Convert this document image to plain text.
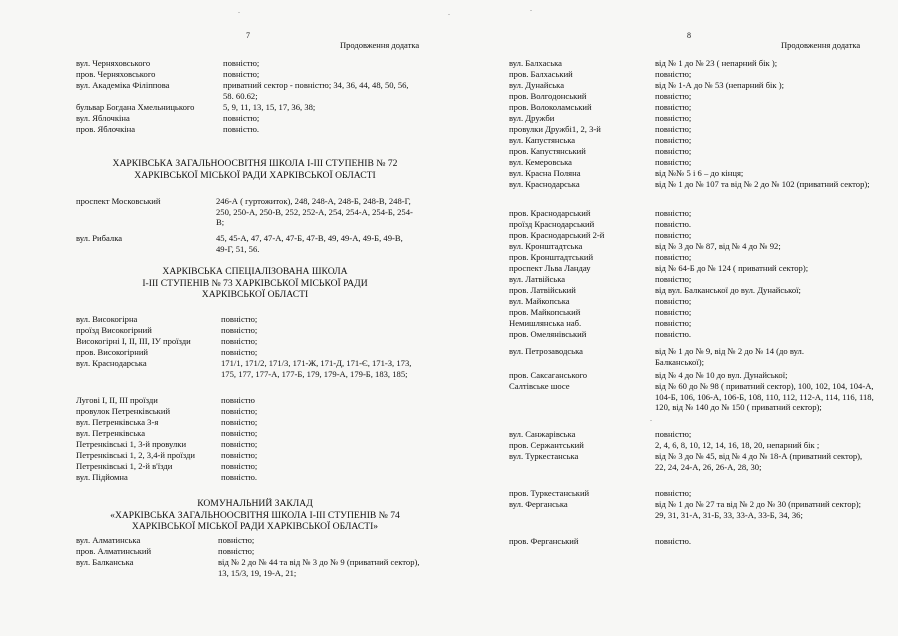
7
Продовження додатка
вул. Черняховського	повністю;
пров. Черняховського	повністю;
вул. Академіка Філіппова	приватний сектор - повністю; 34, 36, 44, 48, 50, 56, 58. 60.62;
бульвар Богдана Хмельницького	5, 9, 11, 13, 15, 17, 36, 38;
вул. Яблочкіна	повністю;
пров. Яблочкіна	повністю.
ХАРКІВСЬКА ЗАГАЛЬНООСВІТНЯ ШКОЛА І-ІІІ СТУПЕНІВ № 72
ХАРКІВСЬКОЇ МІСЬКОЇ РАДИ ХАРКІВСЬКОЇ ОБЛАСТІ
проспект Московський	246-А ( гуртожиток), 248, 248-А, 248-Б, 248-В, 248-Г, 250, 250-А, 250-В, 252, 252-А, 254, 254-А, 254-Б, 254-В;
вул. Рибалка	45, 45-А, 47, 47-А, 47-Б, 47-В, 49, 49-А, 49-Б, 49-В, 49-Г, 51, 56.
ХАРКІВСЬКА СПЕЦІАЛІЗОВАНА ШКОЛА
І-ІІІ СТУПЕНІВ № 73 ХАРКІВСЬКОЇ МІСЬКОЇ РАДИ
ХАРКІВСЬКОЇ ОБЛАСТІ
вул. Високогірна	повністю;
проїзд Високогірний	повністю;
Високогірні І, ІІ, ІІІ, ІУ проїзди	повністю;
пров. Високогірний	повністю;
вул. Краснодарська	171/1, 171/2, 171/3, 171-Ж, 171-Д, 171-Є, 171-З, 173, 175, 177, 177-А, 177-Б, 179, 179-А, 179-Б, 183, 185;
Лугові І, ІІ, ІІІ проїзди	повністю
провулок Петренківський	повністю;
вул. Петренківська 3-я	повністю;
вул. Петренківська	повністю;
Петренківські 1, 3-й провулки	повністю;
Петренківські 1, 2, 3,4-й проїзди	повністю;
Петренківські 1, 2-й в'їзди	повністю;
вул. Підйомна	повністю.
КОМУНАЛЬНИЙ ЗАКЛАД
«ХАРКІВСЬКА ЗАГАЛЬНООСВІТНЯ ШКОЛА І-ІІІ СТУПЕНІВ № 74
ХАРКІВСЬКОЇ МІСЬКОЇ РАДИ ХАРКІВСЬКОЇ ОБЛАСТІ»
вул. Алматинська	повністю;
пров. Алматинський	повністю;
вул. Балканська	від № 2 до № 44 та від № 3 до № 9 (приватний сектор), 13, 15/3, 19, 19-А, 21;
8
Продовження додатка
вул. Балхаська	від № 1 до № 23 ( непарний бік );
пров. Балхаський	повністю;
вул. Дунайська	від № 1-А до № 53 (непарний бік );
пров. Волгодонський	повністю;
пров. Волоколамський	повністю;
вул. Дружби	повністю;
провулки Дружбі1, 2, 3-й	повністю;
вул. Капустянська	повністю;
пров. Капустянський	повністю;
вул. Кемеровська	повністю;
вул. Красна Поляна	від №№ 5 і 6 – до кінця;
вул. Краснодарська	від № 1 до № 107 та від № 2 до № 102 (приватний сектор);
пров. Краснодарський	повністю;
проїзд Краснодарський	повністю.
пров. Краснодарський 2-й	повністю;
вул. Кронштадтська	від № 3 до № 87, від № 4 до № 92;
пров. Кронштадтський	повністю;
проспект Льва Ландау	від № 64-Б до № 124 ( приватний сектор);
вул. Латвійська	повністю;
пров. Латвійський	від вул. Балканської до вул. Дунайської;
вул. Майкопська	повністю;
пров. Майкопський	повністю;
Немишлянська наб.	повністю;
пров. Омелянівський	повністю.
вул. Петрозаводська	від № 1 до № 9, від № 2 до № 14 (до вул. Балканської);
пров. Саксаганського	від № 4 до № 10 до вул. Дунайської;
Салтівське шосе	від № 60 до № 98 ( приватний сектор), 100, 102, 104, 104-А, 104-Б, 106, 106-А, 106-Б, 108, 110, 112, 112-А, 114, 116, 118, 120, від № 140 до № 150 ( приватний сектор);
вул. Санжарівська	повністю;
пров. Сержантський	2, 4, 6, 8, 10, 12, 14, 16, 18, 20, непарний бік ;
вул. Туркестанська	від № 3 до № 45, від № 4 до № 18-А (приватний сектор), 22, 24, 24-А, 26, 26-А, 28, 30;
пров. Туркестанський	повністю;
вул. Ферганська	від № 1 до № 27 та від № 2 до № 30 (приватний сектор); 29, 31, 31-А, 31-Б, 33, 33-А, 33-Б, 34, 36;
пров. Ферганський	повністю.
